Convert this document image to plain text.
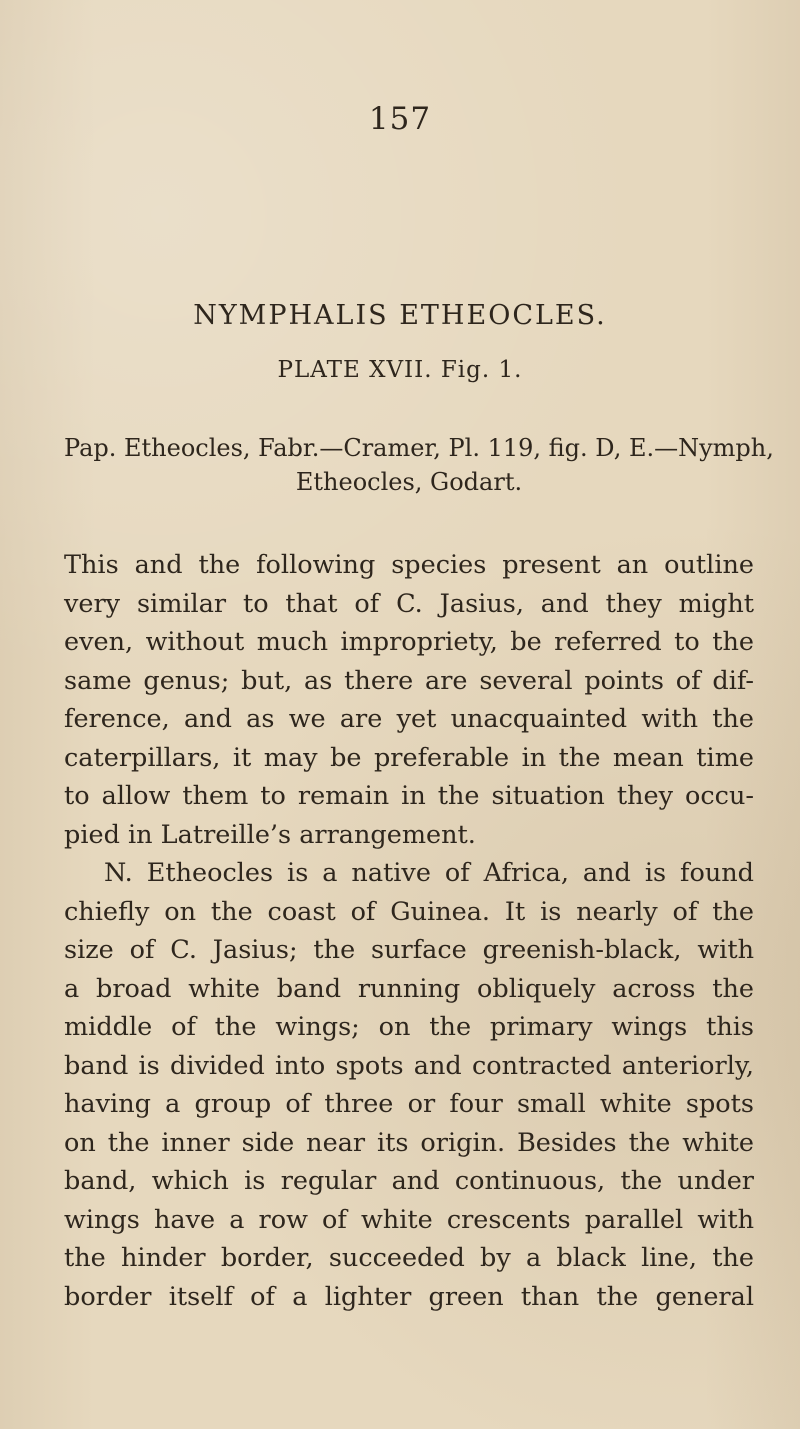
157
NYMPHALIS ETHEOCLES.
PLATE XVII. Fig. 1.
Pap. Etheocles, Fabr.—Cramer, Pl. 119, fig. D, E.—Nymph,
Etheocles, Godart.
This and the following species present an outline
very similar to that of C. Jasius, and they might
even, without much impropriety, be referred to the
same genus; but, as there are several points of dif-
ference, and as we are yet unacquainted with the
caterpillars, it may be preferable in the mean time
to allow them to remain in the situation they occu-
pied in Latreille’s arrangement.
N. Etheocles is a native of Africa, and is found
chiefly on the coast of Guinea. It is nearly of the
size of C. Jasius; the surface greenish-black, with
a broad white band running obliquely across the
middle of the wings; on the primary wings this
band is divided into spots and contracted anteriorly,
having a group of three or four small white spots
on the inner side near its origin. Besides the white
band, which is regular and continuous, the under
wings have a row of white crescents parallel with
the hinder border, succeeded by a black line, the
border itself of a lighter green than the general
